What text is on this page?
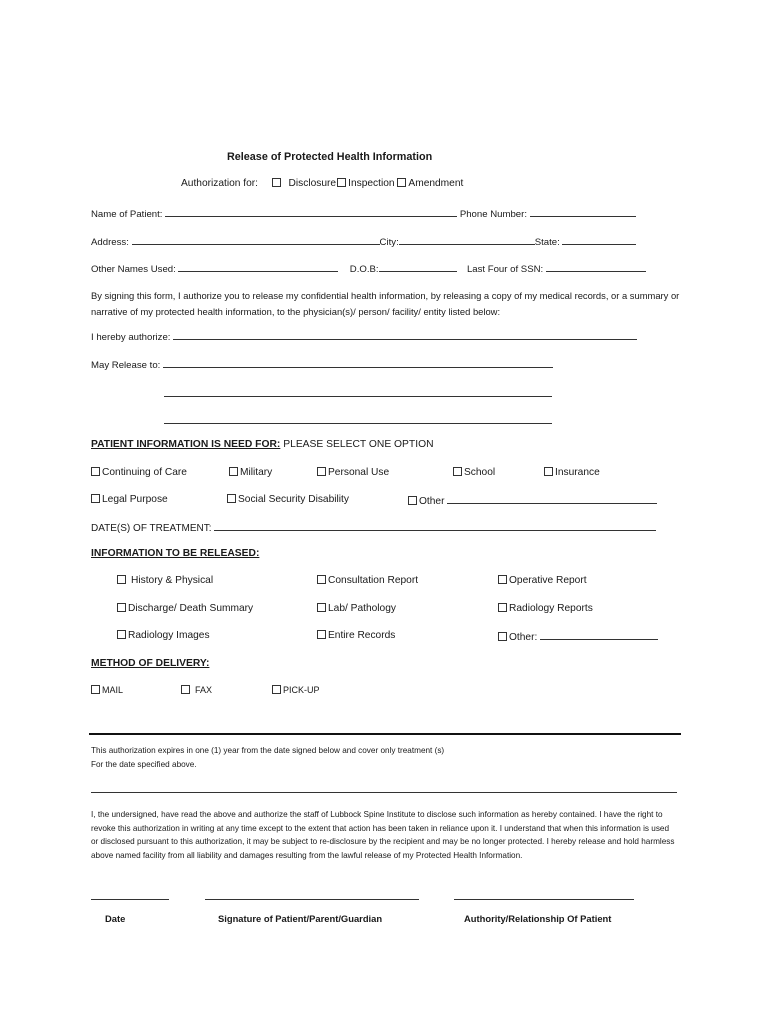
Release of Protected Health Information
Authorization for:	Disclosure Inspection Amendment
Name of Patient:	Phone Number:
Address:	City:	State:
Other Names Used:	D.O.B:	Last Four of SSN:
By signing this form, I authorize you to release my confidential health information, by releasing a copy of my medical records, or a summary or narrative of my protected health information, to the physician(s)/ person/ facility/ entity listed below:
I hereby authorize:
May Release to:
PATIENT INFORMATION IS NEED FOR: PLEASE SELECT ONE OPTION
Continuing of Care	Military	Personal Use	School	Insurance
Legal Purpose	Social Security Disability	Other
DATE(S) OF TREATMENT:
INFORMATION TO BE RELEASED:
History & Physical	Consultation Report	Operative Report
Discharge/ Death Summary	Lab/ Pathology	Radiology Reports
Radiology Images	Entire Records	Other:
METHOD OF DELIVERY:
MAIL	FAX	PICK-UP
This authorization expires in one (1) year from the date signed below and cover only treatment (s)
For the date specified above.
I, the undersigned, have read the above and authorize the staff of Lubbock Spine Institute to disclose such information as hereby contained. I have the right to revoke this authorization in writing at any time except to the extent that action has been taken in reliance upon it. I understand that when this information is used or disclosed pursuant to this authorization, it may be subject to re-disclosure by the recipient and may be no longer protected. I hereby release and hold harmless above named facility from all liability and damages resulting from the lawful release of my Protected Health Information.
Date	Signature of Patient/Parent/Guardian	Authority/Relationship Of Patient
